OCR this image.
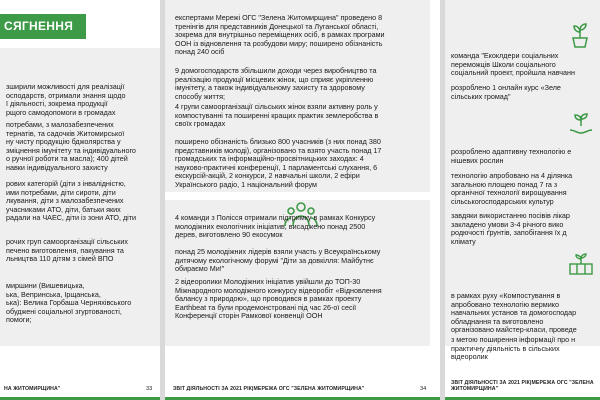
СЯГНЕННЯ
зширили можливості для реалізації
осподарств, отримали знання щодо
ї діяльності, зокрема продукції
рщого самодопомоги в громадах
потребами, з малозабезпечених
тернатів, та садочків Житомирської
ну чисту продукцію бджолярства у
зміцнення імунітету та індивідуального
о ручної роботи та масла); 400 дітей
навки індивідуального захисту
рових категорій (діти з інвалідністю,
ими потребами, діти сироти, діти
лкування, діти з малозабезпечених
учасниками АТО, діти, батьки яких
радали на ЧАЕС, діти із зони АТО, діти
рочих груп самоорганізації сільських
печено виготовлення, пакування та
льництва 110 дітям з сімей ВПО
миршини (Вишевицька,
ька, Вепринська, Ірщанська,
ька): Велика Горбаша Черняхівського
обуджені соціальної згуртованості,
помоги;
НА ЖИТОМИРЩИНА"	33
експертами Мережі ОГС "Зелена Житомирщина" проведено 8
тренінгів для представників Донецької та Луганської області,
зокрема для внутрішньо переміщених осіб, в рамках програми
ООН із відновлення та розбудови миру; поширено обізнаність
понад 240 осіб
9 домогосподарств збільшили доходи через виробництво та
реалізацію продукції місцевих жінок, що сприяє укріпленню
імунітету, а також індивідуальному захисту та здоровому
способу життя;
4 групи самоорганізації сільських жінок взяли активну роль у
компостуванні та поширенні кращих практик землеробства в
своїх громадах
поширено обізнаність близько 800 учасників (з них понад 380
представників молоді), організовано та взято участь понад 17
громадських та інформаційно-просвітницьких заходах: 4
науково-практичні конференції, 1 парламентські слухання, 6
екскурсій-акцій, 2 конкурси, 2 навчальні школи, 2 ефіри
Українського радіо, 1 національний форум
4 команди з Полісся отримали підтримку в рамках Конкурсу
молодіжних екологічних ініціатив, висаджено понад 2500
дерев, виготовлено 90 екосумок
понад 25 молодіжних лідерів взяли участь у Всеукраїнському
дитячому екологічному форумі "Діти за довкілля: Майбутнє
обираємо Ми!"
2 відеоролики Молодіжних ініціатив увійшли до ТОП-30
Міжнародного молодіжного конкурсу відеоробіт «Відновлення
балансу з природою», що проводився в рамках проекту
Earthbeat та були продемонстровані під час 26-ої сесії
Конференції сторін Рамкової конвенції ООН
ЗВІТ ДІЯЛЬНОСТІ ЗА 2021 РІК|МЕРЕЖА ОГС "ЗЕЛЕНА ЖИТОМИРЩИНА"	34
команда "Екоклдери соціальних
переможців Школи соціального
соціальний проект, пройшла навчанн
розроблено 1 онлайн курс «Зеле
сільських громад"
розроблено адаптивну технологію е
нішевих рослин
технологію апробовано на 4 ділянка
загальною площею понад 7 га з
органічної технології вирощування
сільськогосподарських культур
завдяки використанню посівів лікар
закладено умови 3-4 річного вико
родючості ґрунтів, запобігання їх д
клімату
в рамках руху «Компостування в
апробовано технологію вермико
навчальних установ та домогосподар
обладнання та виготовлено
організовано майстер-класи, проведе
з метою поширення інформації про н
практичну діяльність в сільських
відеоролик
ЗВІТ ДІЯЛЬНОСТІ ЗА 2021 РІК|МЕРЕЖА ОГС "ЗЕЛЕНА ЖИТОМИРЩИНА"
